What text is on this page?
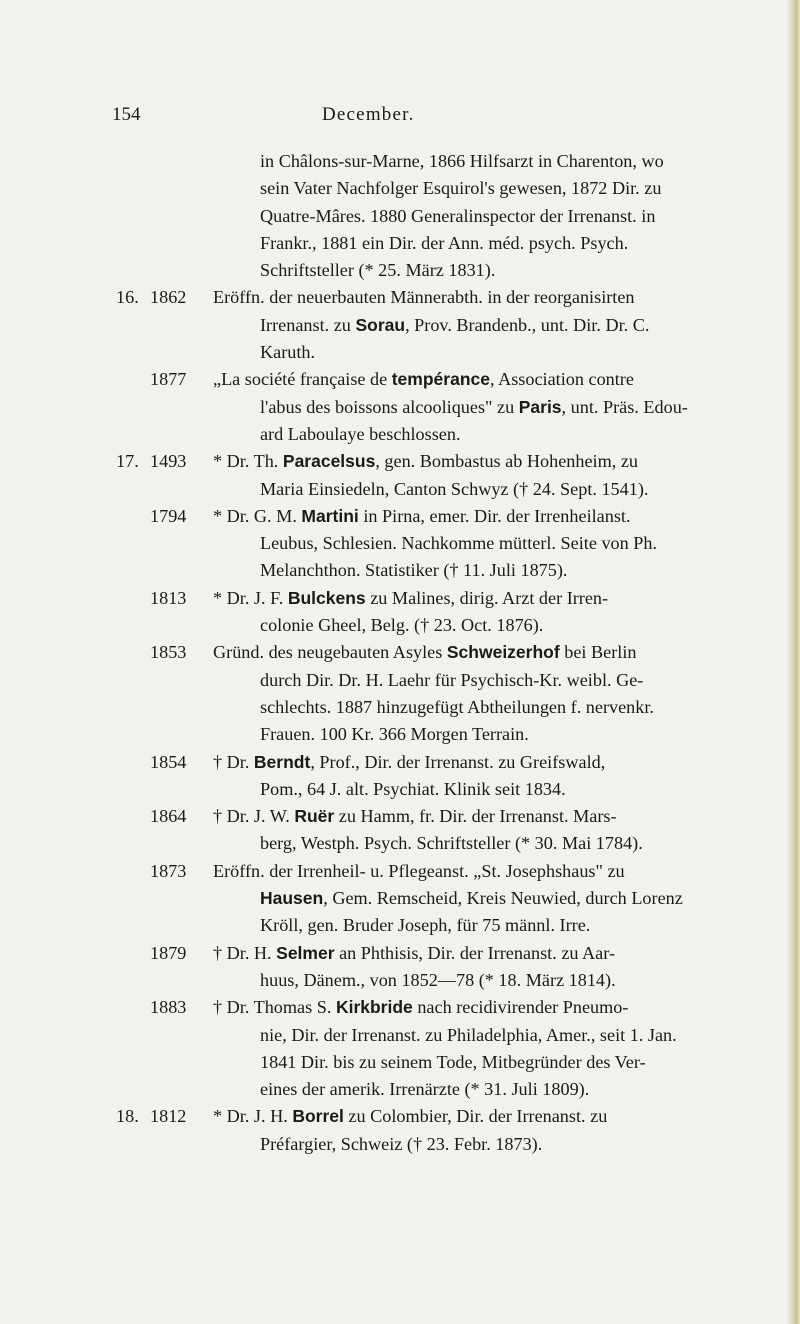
154	December.
in Châlons-sur-Marne, 1866 Hilfsarzt in Charenton, wo
sein Vater Nachfolger Esquirol's gewesen, 1872 Dir. zu
Quatre-Mâres. 1880 Generalinspector der Irrenanst. in
Frankr., 1881 ein Dir. der Ann. méd. psych. Psych.
Schriftsteller (* 25. März 1831).
16. 1862 Eröffn. der neuerbauten Männerabth. in der reorganisirten
Irrenanst. zu Sorau, Prov. Brandenb., unt. Dir. Dr. C.
Karuth.
1877 „La société française de tempérance, Association contre
l'abus des boissons alcooliques" zu Paris, unt. Präs. Edou-
ard Laboulaye beschlossen.
17. 1493 * Dr. Th. Paracelsus, gen. Bombastus ab Hohenheim, zu
Maria Einsiedeln, Canton Schwyz († 24. Sept. 1541).
1794 * Dr. G. M. Martini in Pirna, emer. Dir. der Irrenheilanst.
Leubus, Schlesien. Nachkomme mütterl. Seite von Ph.
Melanchthon. Statistiker († 11. Juli 1875).
1813 * Dr. J. F. Bulckens zu Malines, dirig. Arzt der Irren-
colonie Gheel, Belg. († 23. Oct. 1876).
1853 Gründ. des neugebauten Asyles Schweizerhof bei Berlin
durch Dir. Dr. H. Laehr für Psychisch-Kr. weibl. Ge-
schlechts. 1887 hinzugefügt Abtheilungen f. nervenkr.
Frauen. 100 Kr. 366 Morgen Terrain.
1854 † Dr. Berndt, Prof., Dir. der Irrenanst. zu Greifswald,
Pom., 64 J. alt. Psychiat. Klinik seit 1834.
1864 † Dr. J. W. Ruër zu Hamm, fr. Dir. der Irrenanst. Mars-
berg, Westph. Psych. Schriftsteller (* 30. Mai 1784).
1873 Eröffn. der Irrenheil- u. Pflegeanst. „St. Josephshaus" zu
Hausen, Gem. Remscheid, Kreis Neuwied, durch Lorenz
Kröll, gen. Bruder Joseph, für 75 männl. Irre.
1879 † Dr. H. Selmer an Phthisis, Dir. der Irrenanst. zu Aar-
huus, Dänem., von 1852—78 (* 18. März 1814).
1883 † Dr. Thomas S. Kirkbride nach recidivirender Pneumo-
nie, Dir. der Irrenanst. zu Philadelphia, Amer., seit 1. Jan.
1841 Dir. bis zu seinem Tode, Mitbegründer des Ver-
eines der amerik. Irrenärzte (* 31. Juli 1809).
18. 1812 * Dr. J. H. Borrel zu Colombier, Dir. der Irrenanst. zu
Préfargier, Schweiz († 23. Febr. 1873).
